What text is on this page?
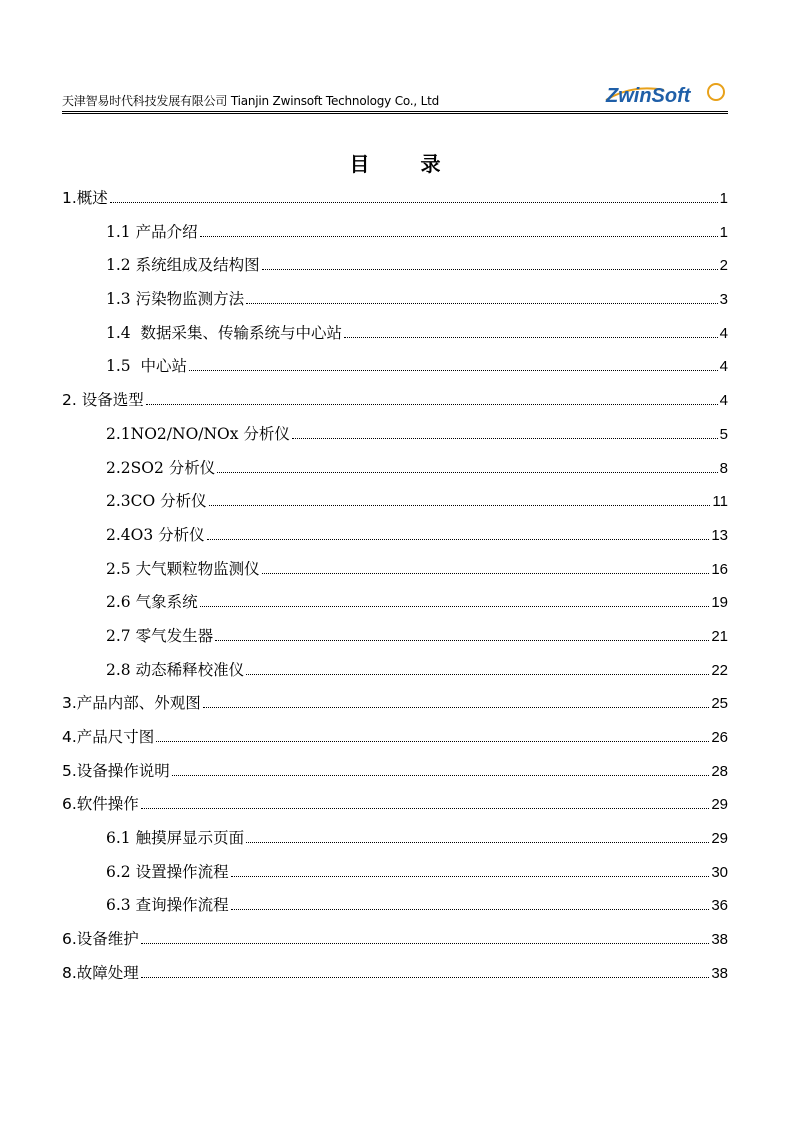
天津智易时代科技发展有限公司 Tianjin Zwinsoft Technology Co., Ltd	ZwinSoft
目 录
1.概述	1
1.1 产品介绍	1
1.2 系统组成及结构图	2
1.3 污染物监测方法	3
1.4  数据采集、传输系统与中心站	4
1.5  中心站	4
2. 设备选型	4
2.1NO2/NO/NOx 分析仪	5
2.2SO2 分析仪	8
2.3CO 分析仪	11
2.4O3 分析仪	13
2.5 大气颗粒物监测仪	16
2.6 气象系统	19
2.7 零气发生器	21
2.8 动态稀释校准仪	22
3.产品内部、外观图	25
4.产品尺寸图	26
5.设备操作说明	28
6.软件操作	29
6.1 触摸屏显示页面	29
6.2 设置操作流程	30
6.3 查询操作流程	36
6.设备维护	38
8.故障处理	38
